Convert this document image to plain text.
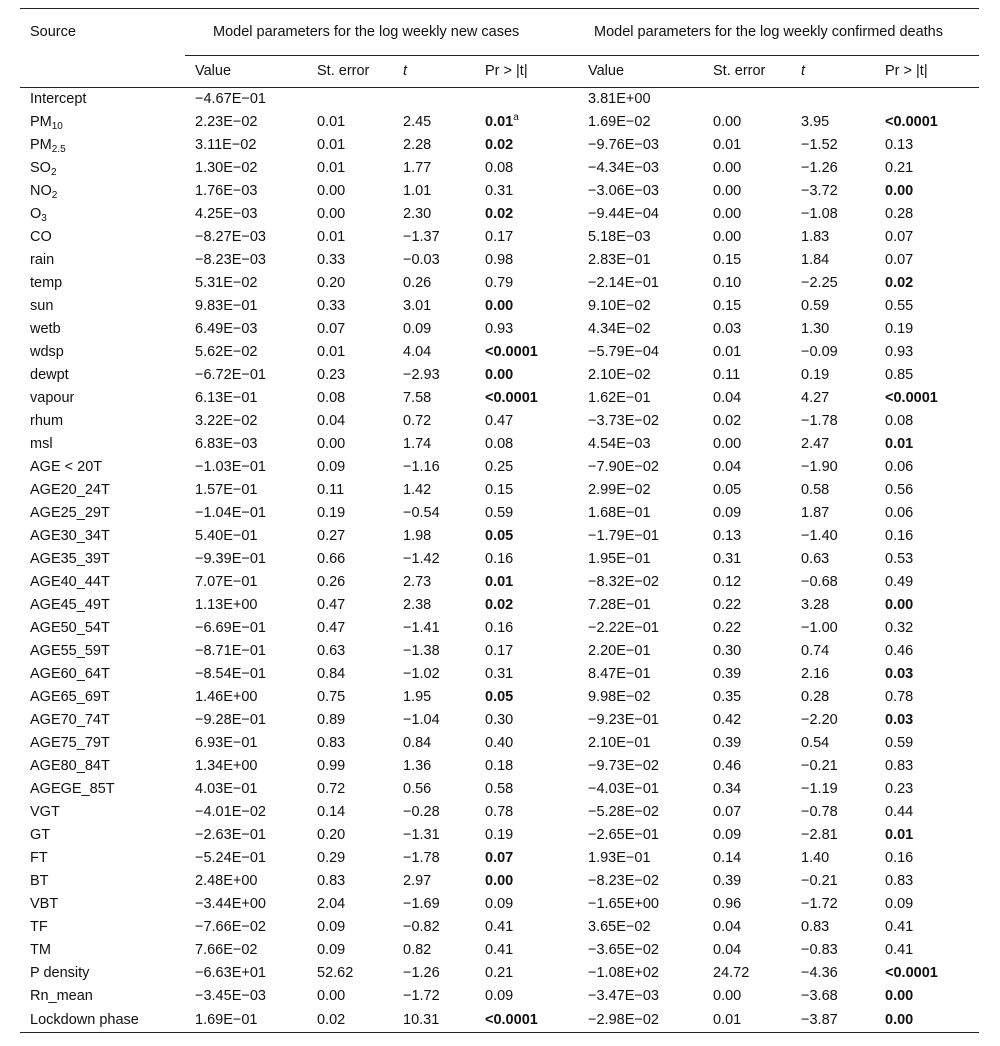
Source	Model parameters for the log weekly new cases				Model parameters for the log weekly confirmed deaths			
	Value	St. error	t	Pr > |t|	Value	St. error	t	Pr > |t|
Intercept	−4.67E−01				3.81E+00			
$PM_{10}$	2.23E−02	0.01	2.45	0.01$^a$	1.69E−02	0.00	3.95	<0.0001
$PM_{2.5}$	3.11E−02	0.01	2.28	0.02	−9.76E−03	0.01	−1.52	0.13
$SO_2$	1.30E−02	0.01	1.77	0.08	−4.34E−03	0.00	−1.26	0.21
$NO_2$	1.76E−03	0.00	1.01	0.31	−3.06E−03	0.00	−3.72	0.00
$O_3$	4.25E−03	0.00	2.30	0.02	−9.44E−04	0.00	−1.08	0.28
CO	−8.27E−03	0.01	−1.37	0.17	5.18E−03	0.00	1.83	0.07
rain	−8.23E−03	0.33	−0.03	0.98	2.83E−01	0.15	1.84	0.07
temp	5.31E−02	0.20	0.26	0.79	−2.14E−01	0.10	−2.25	0.02
sun	9.83E−01	0.33	3.01	0.00	9.10E−02	0.15	0.59	0.55
wetb	6.49E−03	0.07	0.09	0.93	4.34E−02	0.03	1.30	0.19
wdsp	5.62E−02	0.01	4.04	<0.0001	−5.79E−04	0.01	−0.09	0.93
dewpt	−6.72E−01	0.23	−2.93	0.00	2.10E−02	0.11	0.19	0.85
vapour	6.13E−01	0.08	7.58	<0.0001	1.62E−01	0.04	4.27	<0.0001
rhum	3.22E−02	0.04	0.72	0.47	−3.73E−02	0.02	−1.78	0.08
msl	6.83E−03	0.00	1.74	0.08	4.54E−03	0.00	2.47	0.01
AGE < 20T	−1.03E−01	0.09	−1.16	0.25	−7.90E−02	0.04	−1.90	0.06
AGE20_24T	1.57E−01	0.11	1.42	0.15	2.99E−02	0.05	0.58	0.56
AGE25_29T	−1.04E−01	0.19	−0.54	0.59	1.68E−01	0.09	1.87	0.06
AGE30_34T	5.40E−01	0.27	1.98	0.05	−1.79E−01	0.13	−1.40	0.16
AGE35_39T	−9.39E−01	0.66	−1.42	0.16	1.95E−01	0.31	0.63	0.53
AGE40_44T	7.07E−01	0.26	2.73	0.01	−8.32E−02	0.12	−0.68	0.49
AGE45_49T	1.13E+00	0.47	2.38	0.02	7.28E−01	0.22	3.28	0.00
AGE50_54T	−6.69E−01	0.47	−1.41	0.16	−2.22E−01	0.22	−1.00	0.32
AGE55_59T	−8.71E−01	0.63	−1.38	0.17	2.20E−01	0.30	0.74	0.46
AGE60_64T	−8.54E−01	0.84	−1.02	0.31	8.47E−01	0.39	2.16	0.03
AGE65_69T	1.46E+00	0.75	1.95	0.05	9.98E−02	0.35	0.28	0.78
AGE70_74T	−9.28E−01	0.89	−1.04	0.30	−9.23E−01	0.42	−2.20	0.03
AGE75_79T	6.93E−01	0.83	0.84	0.40	2.10E−01	0.39	0.54	0.59
AGE80_84T	1.34E+00	0.99	1.36	0.18	−9.73E−02	0.46	−0.21	0.83
AGEGE_85T	4.03E−01	0.72	0.56	0.58	−4.03E−01	0.34	−1.19	0.23
VGT	−4.01E−02	0.14	−0.28	0.78	−5.28E−02	0.07	−0.78	0.44
GT	−2.63E−01	0.20	−1.31	0.19	−2.65E−01	0.09	−2.81	0.01
FT	−5.24E−01	0.29	−1.78	0.07	1.93E−01	0.14	1.40	0.16
BT	2.48E+00	0.83	2.97	0.00	−8.23E−02	0.39	−0.21	0.83
VBT	−3.44E+00	2.04	−1.69	0.09	−1.65E+00	0.96	−1.72	0.09
TF	−7.66E−02	0.09	−0.82	0.41	3.65E−02	0.04	0.83	0.41
TM	7.66E−02	0.09	0.82	0.41	−3.65E−02	0.04	−0.83	0.41
P density	−6.63E+01	52.62	−1.26	0.21	−1.08E+02	24.72	−4.36	<0.0001
Rn_mean	−3.45E−03	0.00	−1.72	0.09	−3.47E−03	0.00	−3.68	0.00
Lockdown phase	1.69E−01	0.02	10.31	<0.0001	−2.98E−02	0.01	−3.87	0.00
